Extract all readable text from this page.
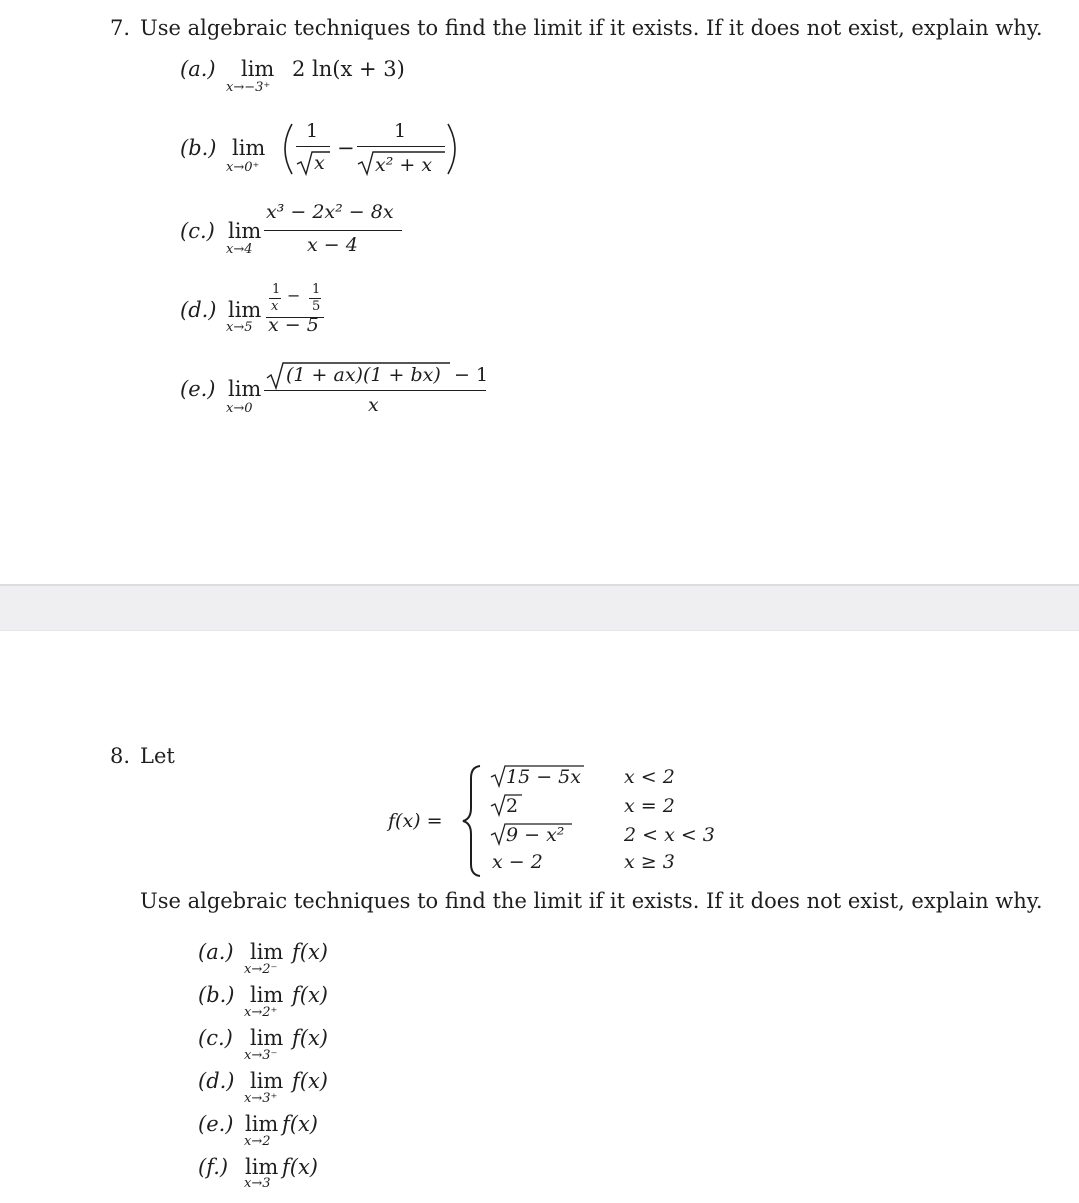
7. Use algebraic techniques to find the limit if it exists. If it does not exist, explain why.
(a.) lim
x→−3⁺
2 ln(x + 3)
(b.) lim
x→0⁺
1
x
−
1
x² + x
(c.) lim
x→4
x³ − 2x² − 8x
x − 4
(d.) lim
x→5
1
x
− 1
5
x − 5
(e.) lim
x→0
(1 + ax)(1 + bx) − 1
x
8. Let
f(x) =
15 − 5x x < 2
2	x = 2
9 − x²	2 < x < 3
x − 2	x ≥ 3
Use algebraic techniques to find the limit if it exists. If it does not exist, explain why.
(a.) lim
x→2⁻
f(x)
(b.) lim
x→2⁺
f(x)
(c.) lim
x→3⁻
f(x)
(d.) lim
x→3⁺
f(x)
(e.) lim
x→2
f(x)
(f.) lim
x→3
f(x)
